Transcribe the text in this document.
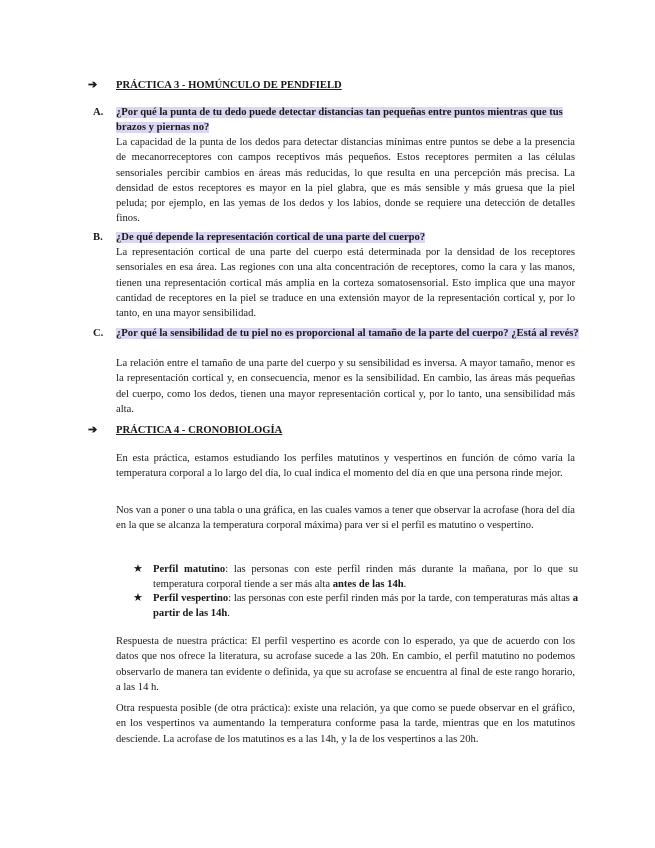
➔ PRÁCTICA 3 - HOMÚNCULO DE PENDFIELD
A. ¿Por qué la punta de tu dedo puede detectar distancias tan pequeñas entre puntos mientras que tus brazos y piernas no?
La capacidad de la punta de los dedos para detectar distancias mínimas entre puntos se debe a la presencia de mecanorreceptores con campos receptivos más pequeños. Estos receptores permiten a las células sensoriales percibir cambios en áreas más reducidas, lo que resulta en una percepción más precisa. La densidad de estos receptores es mayor en la piel glabra, que es más sensible y más gruesa que la piel peluda; por ejemplo, en las yemas de los dedos y los labios, donde se requiere una detección de detalles finos.
B. ¿De qué depende la representación cortical de una parte del cuerpo?
La representación cortical de una parte del cuerpo está determinada por la densidad de los receptores sensoriales en esa área. Las regiones con una alta concentración de receptores, como la cara y las manos, tienen una representación cortical más amplia en la corteza somatosensorial. Esto implica que una mayor cantidad de receptores en la piel se traduce en una extensión mayor de la representación cortical y, por lo tanto, en una mayor sensibilidad.
C. ¿Por qué la sensibilidad de tu piel no es proporcional al tamaño de la parte del cuerpo? ¿Está al revés?
La relación entre el tamaño de una parte del cuerpo y su sensibilidad es inversa. A mayor tamaño, menor es la representación cortical y, en consecuencia, menor es la sensibilidad. En cambio, las áreas más pequeñas del cuerpo, como los dedos, tienen una mayor representación cortical y, por lo tanto, una sensibilidad más alta.
➔ PRÁCTICA 4 - CRONOBIOLOGÍA
En esta práctica, estamos estudiando los perfiles matutinos y vespertinos en función de cómo varía la temperatura corporal a lo largo del día, lo cual indica el momento del día en que una persona rinde mejor.
Nos van a poner o una tabla o una gráfica, en las cuales vamos a tener que observar la acrofase (hora del día en la que se alcanza la temperatura corporal máxima) para ver si el perfil es matutino o vespertino.
★ Perfil matutino: las personas con este perfil rinden más durante la mañana, por lo que su temperatura corporal tiende a ser más alta antes de las 14h.
★ Perfil vespertino: las personas con este perfil rinden más por la tarde, con temperaturas más altas a partir de las 14h.
Respuesta de nuestra práctica: El perfil vespertino es acorde con lo esperado, ya que de acuerdo con los datos que nos ofrece la literatura, su acrofase sucede a las 20h. En cambio, el perfil matutino no podemos observarlo de manera tan evidente o definida, ya que su acrofase se encuentra al final de este rango horario, a las 14 h.
Otra respuesta posible (de otra práctica): existe una relación, ya que como se puede observar en el gráfico, en los vespertinos va aumentando la temperatura conforme pasa la tarde, mientras que en los matutinos desciende. La acrofase de los matutinos es a las 14h, y la de los vespertinos a las 20h.
